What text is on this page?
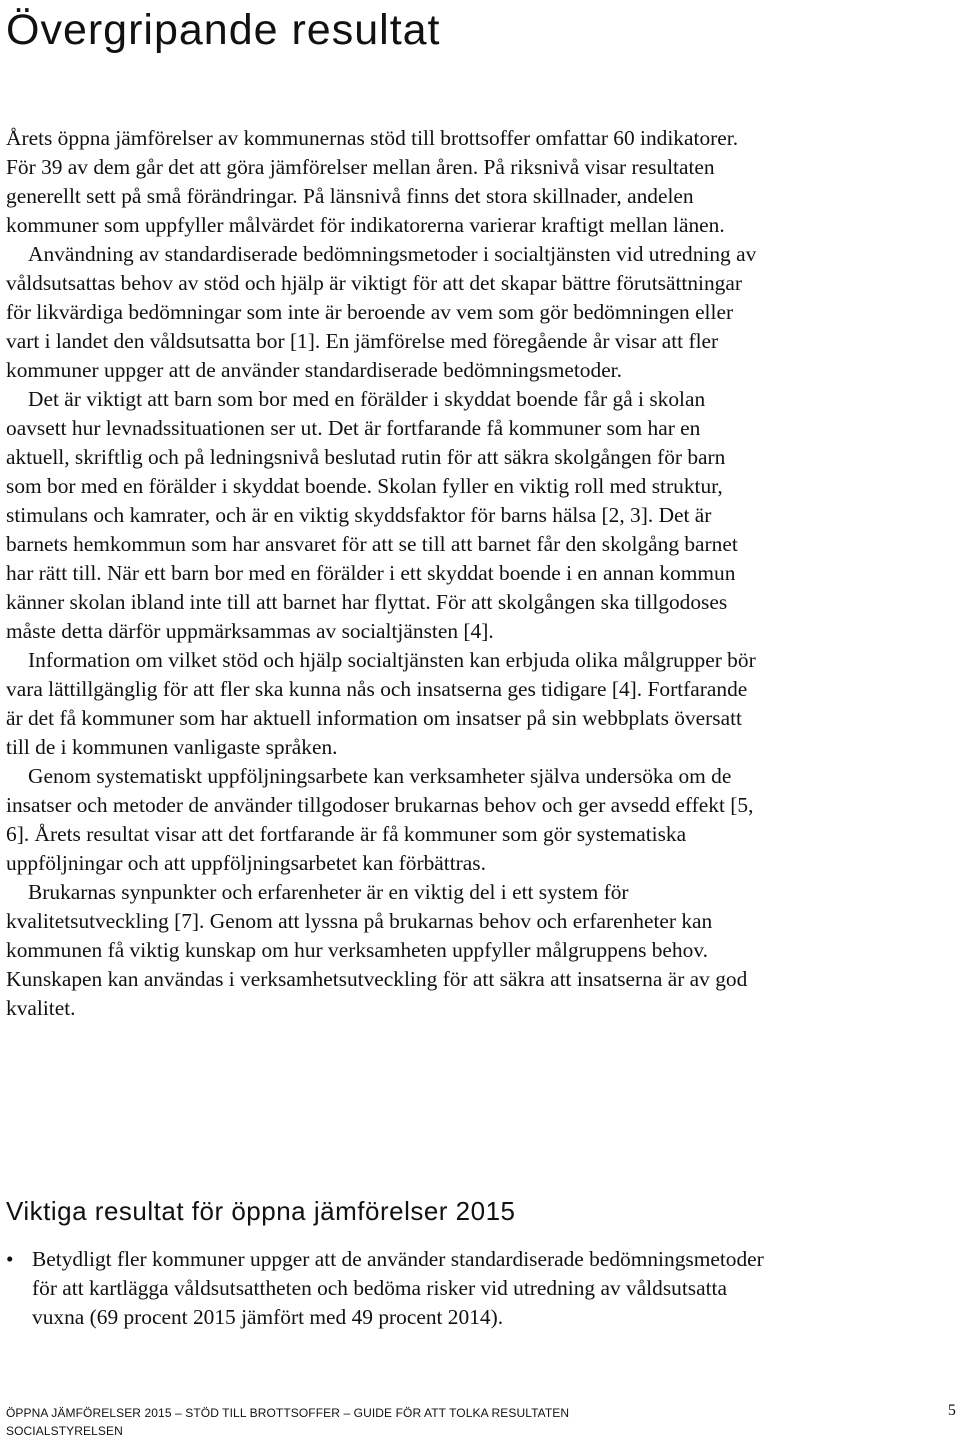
Övergripande resultat

Årets öppna jämförelser av kommunernas stöd till brottsoffer omfattar 60 indikatorer. För 39 av dem går det att göra jämförelser mellan åren. På riksnivå visar resultaten generellt sett på små förändringar. På länsnivå finns det stora skillnader, andelen kommuner som uppfyller målvärdet för indikatorerna varierar kraftigt mellan länen.

Användning av standardiserade bedömningsmetoder i socialtjänsten vid utredning av våldsutsattas behov av stöd och hjälp är viktigt för att det skapar bättre förutsättningar för likvärdiga bedömningar som inte är beroende av vem som gör bedömningen eller vart i landet den våldsutsatta bor [1]. En jämförelse med föregående år visar att fler kommuner uppger att de använder standardiserade bedömningsmetoder.

Det är viktigt att barn som bor med en förälder i skyddat boende får gå i skolan oavsett hur levnadssituationen ser ut. Det är fortfarande få kommuner som har en aktuell, skriftlig och på ledningsnivå beslutad rutin för att säkra skolgången för barn som bor med en förälder i skyddat boende. Skolan fyller en viktig roll med struktur, stimulans och kamrater, och är en viktig skyddsfaktor för barns hälsa [2, 3]. Det är barnets hemkommun som har ansvaret för att se till att barnet får den skolgång barnet har rätt till. När ett barn bor med en förälder i ett skyddat boende i en annan kommun känner skolan ibland inte till att barnet har flyttat. För att skolgången ska tillgodoses måste detta därför uppmärksammas av socialtjänsten [4].

Information om vilket stöd och hjälp socialtjänsten kan erbjuda olika målgrupper bör vara lättillgänglig för att fler ska kunna nås och insatserna ges tidigare [4]. Fortfarande är det få kommuner som har aktuell information om insatser på sin webbplats översatt till de i kommunen vanligaste språken.

Genom systematiskt uppföljningsarbete kan verksamheter själva undersöka om de insatser och metoder de använder tillgodoser brukarnas behov och ger avsedd effekt [5, 6]. Årets resultat visar att det fortfarande är få kommuner som gör systematiska uppföljningar och att uppföljningsarbetet kan förbättras.

Brukarnas synpunkter och erfarenheter är en viktig del i ett system för kvalitetsutveckling [7]. Genom att lyssna på brukarnas behov och erfarenheter kan kommunen få viktig kunskap om hur verksamheten uppfyller målgruppens behov. Kunskapen kan användas i verksamhetsutveckling för att säkra att insatserna är av god kvalitet.

Viktiga resultat för öppna jämförelser 2015
• Betydligt fler kommuner uppger att de använder standardiserade bedömningsmetoder för att kartlägga våldsutsattheten och bedöma risker vid utredning av våldsutsatta vuxna (69 procent 2015 jämfört med 49 procent 2014).
ÖPPNA JÄMFÖRELSER 2015 – STÖD TILL BROTTSOFFER – GUIDE FÖR ATT TOLKA RESULTATEN
SOCIALSTYRELSEN
5
